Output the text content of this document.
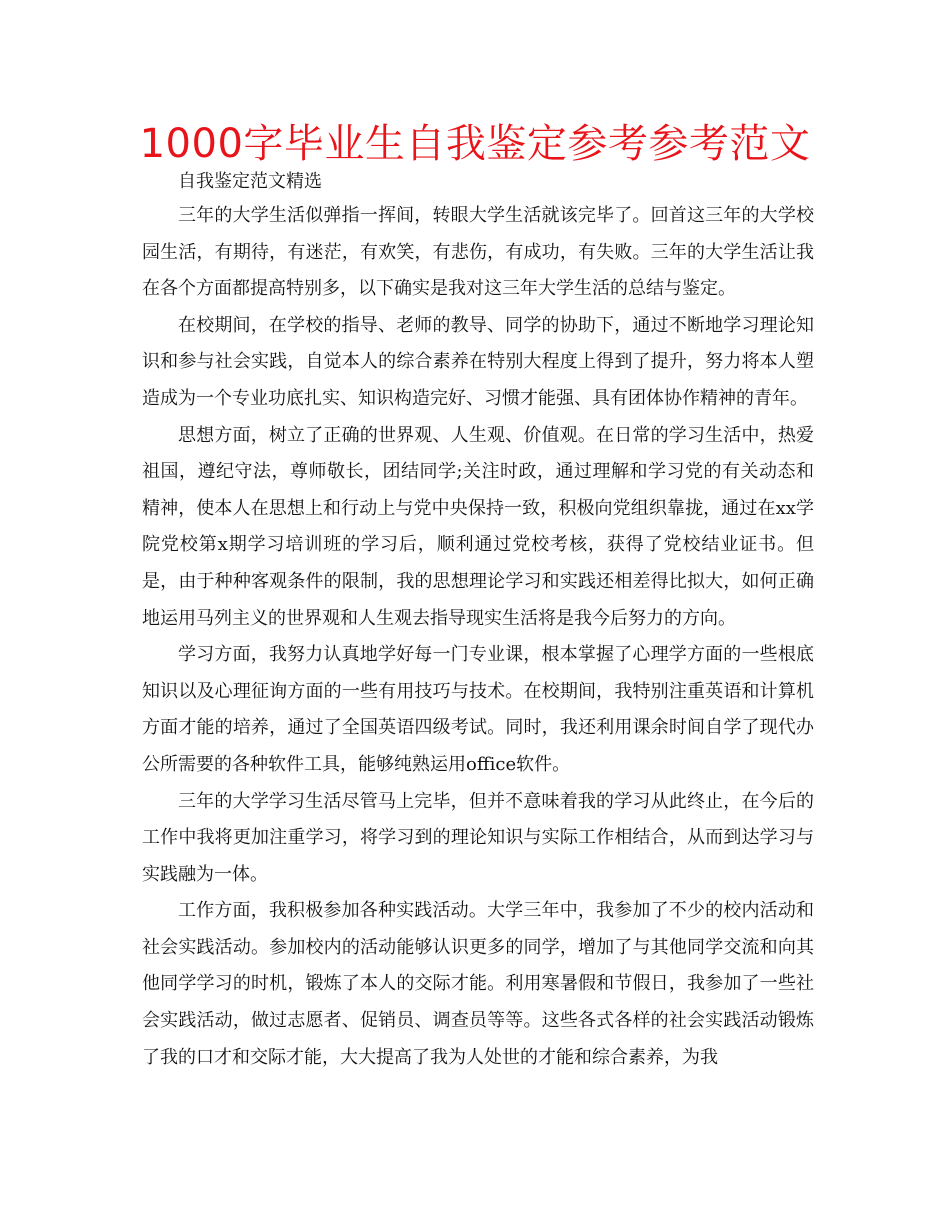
1000字毕业生自我鉴定参考参考范文

自我鉴定范文精选

三年的大学生活似弹指一挥间，转眼大学生活就该完毕了。回首这三年的大学校园生活，有期待，有迷茫，有欢笑，有悲伤，有成功，有失败。三年的大学生活让我在各个方面都提高特别多，以下确实是我对这三年大学生活的总结与鉴定。

在校期间，在学校的指导、老师的教导、同学的协助下，通过不断地学习理论知识和参与社会实践，自觉本人的综合素养在特别大程度上得到了提升，努力将本人塑造成为一个专业功底扎实、知识构造完好、习惯才能强、具有团体协作精神的青年。

思想方面，树立了正确的世界观、人生观、价值观。在日常的学习生活中，热爱祖国，遵纪守法，尊师敬长，团结同学;关注时政，通过理解和学习党的有关动态和精神，使本人在思想上和行动上与党中央保持一致，积极向党组织靠拢，通过在xx学院党校第x期学习培训班的学习后，顺利通过党校考核，获得了党校结业证书。但是，由于种种客观条件的限制，我的思想理论学习和实践还相差得比拟大，如何正确地运用马列主义的世界观和人生观去指导现实生活将是我今后努力的方向。

学习方面，我努力认真地学好每一门专业课，根本掌握了心理学方面的一些根底知识以及心理征询方面的一些有用技巧与技术。在校期间，我特别注重英语和计算机方面才能的培养，通过了全国英语四级考试。同时，我还利用课余时间自学了现代办公所需要的各种软件工具，能够纯熟运用office软件。

三年的大学学习生活尽管马上完毕，但并不意味着我的学习从此终止，在今后的工作中我将更加注重学习，将学习到的理论知识与实际工作相结合，从而到达学习与实践融为一体。

工作方面，我积极参加各种实践活动。大学三年中，我参加了不少的校内活动和社会实践活动。参加校内的活动能够认识更多的同学，增加了与其他同学交流和向其他同学学习的时机，锻炼了本人的交际才能。利用寒暑假和节假日，我参加了一些社会实践活动，做过志愿者、促销员、调查员等等。这些各式各样的社会实践活动锻炼了我的口才和交际才能，大大提高了我为人处世的才能和综合素养，为我
